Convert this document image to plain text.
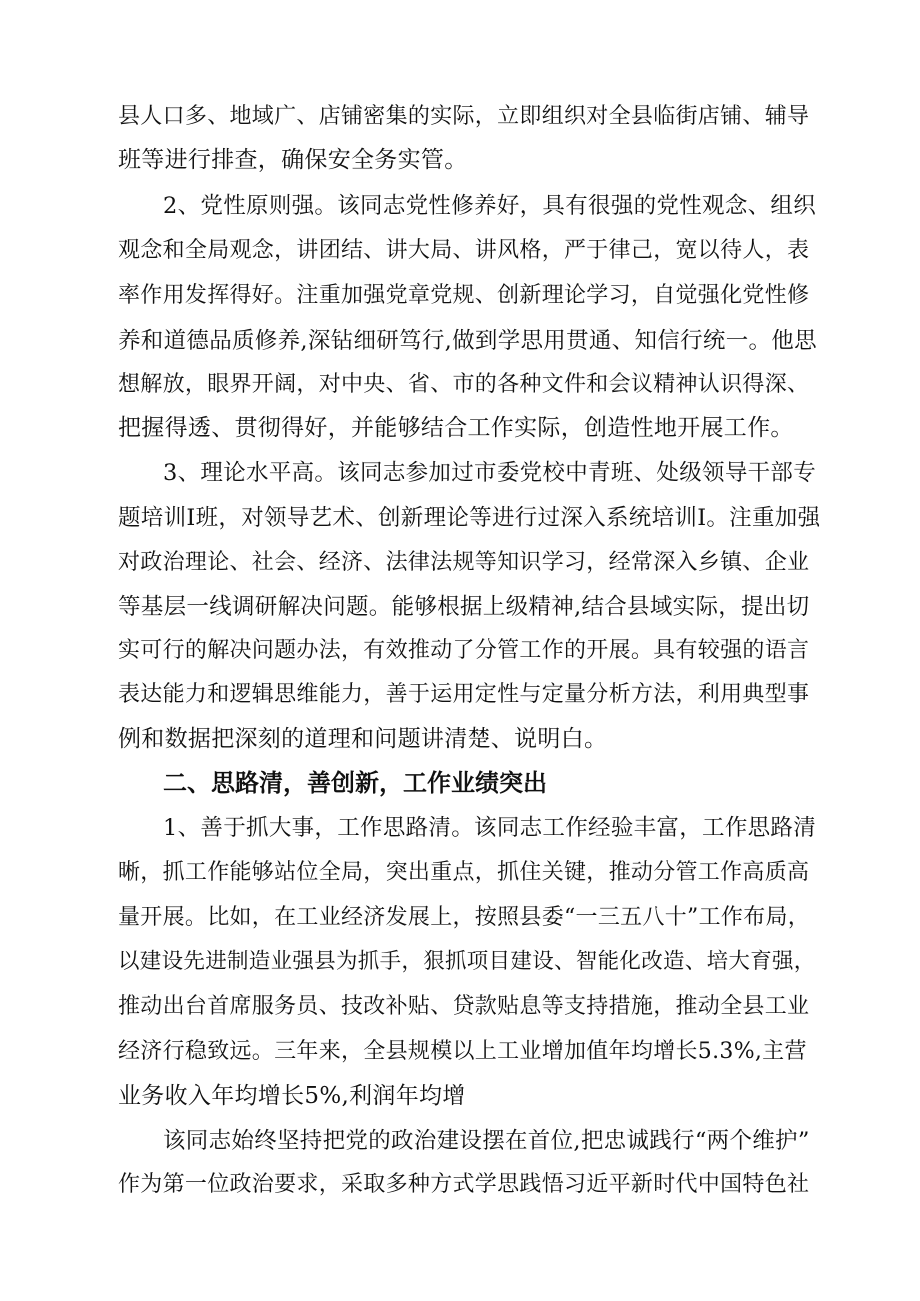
县人口多、地域广、店铺密集的实际，立即组织对全县临街店铺、辅导
班等进行排查，确保安全务实管。
2、党性原则强。该同志党性修养好，具有很强的党性观念、组织
观念和全局观念，讲团结、讲大局、讲风格，严于律己，宽以待人，表
率作用发挥得好。注重加强党章党规、创新理论学习，自觉强化党性修
养和道德品质修养,深钻细研笃行,做到学思用贯通、知信行统一。他思
想解放，眼界开阔，对中央、省、市的各种文件和会议精神认识得深、
把握得透、贯彻得好，并能够结合工作实际，创造性地开展工作。
3、理论水平高。该同志参加过市委党校中青班、处级领导干部专
题培训I班，对领导艺术、创新理论等进行过深入系统培训I。注重加强
对政治理论、社会、经济、法律法规等知识学习，经常深入乡镇、企业
等基层一线调研解决问题。能够根据上级精神,结合县域实际，提出切
实可行的解决问题办法，有效推动了分管工作的开展。具有较强的语言
表达能力和逻辑思维能力，善于运用定性与定量分析方法，利用典型事
例和数据把深刻的道理和问题讲清楚、说明白。
二、思路清，善创新，工作业绩突出
1、善于抓大事，工作思路清。该同志工作经验丰富，工作思路清
晰，抓工作能够站位全局，突出重点，抓住关键，推动分管工作高质高
量开展。比如，在工业经济发展上，按照县委“一三五八十”工作布局，
以建设先进制造业强县为抓手，狠抓项目建设、智能化改造、培大育强，
推动出台首席服务员、技改补贴、贷款贴息等支持措施，推动全县工业
经济行稳致远。三年来，全县规模以上工业增加值年均增长5.3%,主营
业务收入年均增长5%,利润年均增
该同志始终坚持把党的政治建设摆在首位,把忠诚践行“两个维护”
作为第一位政治要求，采取多种方式学思践悟习近平新时代中国特色社
